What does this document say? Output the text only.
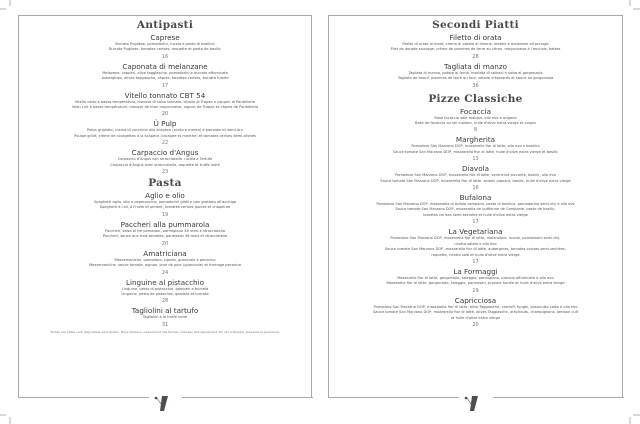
Antipasti
Caprese
Burrata Pugliese, pomodorini, rucola e pesto di basilico
Burrata Pugliese, tomates cerises, roquette et pesto de basilic
16
Caponata di melanzane
Melazane, capperi, olive taggiasche, pomodorini e burrata affumicata
Aubergines, olives taggiasche, câpres, tomates cerises, burrata fumée
17
Vitello tonnato CBT 54
Vitello cotto a bassa temperatura, mousse di salsa tonnata, cipolla di Tropea e capperi di Pantelleria
Veau cuit à basse température, mousse de thon mayonnaise, oignon de Tropea et câpres de Pantelleria
20
Ù Pulp
Polpo grigliato, crema di zucchine alla scapece (aceto e menta) e pomodorini semi-dry
Poulpe grillé, crème de courgettes à la scapece (vinaigre et menthe) et tomates cerises demi-sèches
22
Carpaccio d'Angus
Carpaccio d'Angus con stracciatella, rucola e Tartufo
Carpaccio d'Angus avec stracciatella, roquette et truffe noire
23
Pasta
Aglio e olio
Spaghetti aglio, olio e peperoncino, pomodorini gialli e pan grattato all'acciuga
Spaghetti à l'ail, à l'huile et piment, tomates cerises jaunes et chapelure
19
Paccheri alla pummarola
Paccheri, salsa ai tre pomodori, parmigiano 36 mesi e stracciatella
Paccheri, sauce aux trois tomates, parmesan 36 mois et stracciatella
20
Amatriciana
Mezzemaniche, pomodoro, cipolla, guanciale e pecorino
Mezzemaniche, sauce tomate, oignon, joue de porc (guanciale) et fromage pecorino
24
Linguine al pistacchio
Linguine, pesto di pistacchio, gamberi e burrata
Linguine, pesto de pistaches, gambas et burrata
28
Tagliolini al tartufo
Tagliolini à la truffe noire
31
Toutes nos pâtes sont disponibles sans gluten. Nous utilisons uniquement des farines cultivées biologiquement. En cas d'allergie, prévenez le personnel.
Secondi Piatti
Filetto di orata
Filetto di orata di mare, crema di patate al limone, bietole e maionese all'acciuga
Filet de dorade sauvage, crème de pommes de terre au citron, mayonnaise à l'anchois, bettes
28
Tagliata di manzo
Tagliata di manzo, patate al forno, insalata di spinaci e salsa al gorgonzola
Tagliata de boeuf, pommes de terre au four, salade d'épinards et sauce au gorgonzola
36
Pizze Classiche
Focaccia
Base focaccia sale maldon, olio evo e origano
Base de focaccia au sel maldon, huile d'olive extra vierge et origan
8
Margherita
Pomodoro San Marzano DOP, mozzarella fior di latte, olio evo e basilico
Sauce tomate San Marzano DOP, mozzarella fior di latte, huile d'olive extra vierge et basilic
13
Diavola
Pomodoro San Marzano DOP, mozzarella fior di latte, ventricina piccante, basilic, olio evo
Sauce tomate San Marzano DOP, mozzarella fior di latte, salami piquant, basilic, huile d'olive extra vierge
16
Bufalona
Pomodoro San Marzano DOP, mozzarella di bufala campana, pesto di basilico, pomodorino semi-dry e olio evo
Sauce tomate San Marzano DOP, mozzarella de buffionne de Campanie, pesto de basilic,
tomates cerises semi-sechées et huile d'olive extra vierge
17
La Vegetariana
Pomodoro San Marzano DOP, mozzarella fior di latte, melanzane, rucola, pomodorini semi-dry,
ricotta salata e olio evo
Sauce tomate San Marzano DOP, mozzarella fior di latte, aubergines, tomates cerises semi-sechées,
roquette, ricotta salé et huile d'olive extra vierge
17
La Formaggi
Mozzarella fior di latte, gorgonzola, taleggio, parmigiano, provola affumicata e olio evo
Mozzarella fior di latte, gorgonzola, taleggio, parmesan, provola fumée et huile d'olive extra vierge
19
Capricciosa
Pomodoro San Marzano DOP, mozzarella fior di latte, olive Taggiasche, carciofi, funghi, prosciutto cotto e olio evo
Sauce tomate San Marzano DOP, mozzarella fior di latte, olives Taggiasche, artichauts, champignons, jambon cuit
et huile d'olive extra vierge
20
